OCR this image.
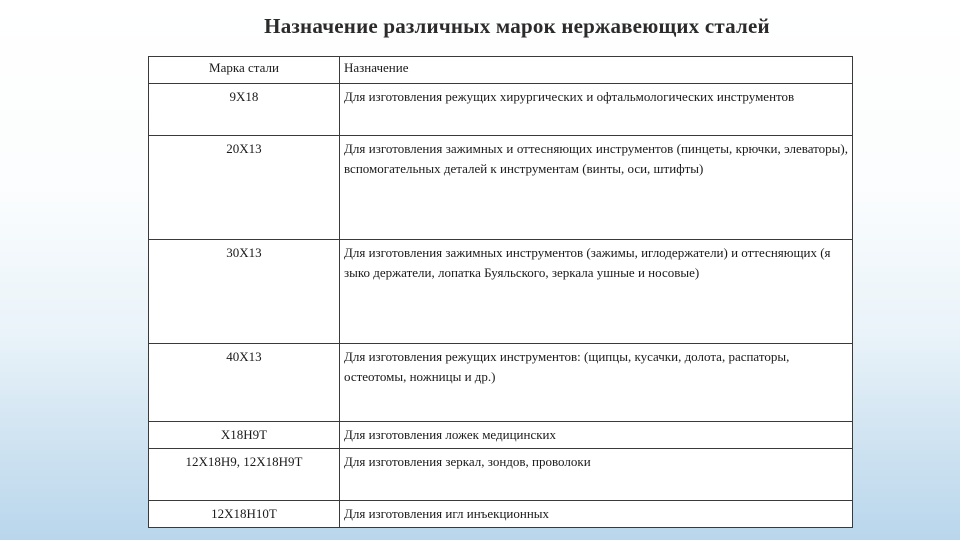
Назначение различных марок нержавеющих сталей
Марка стали	Назначение
9Х18	Для изготовления режущих хирургических и офтальмологических инструментов
20Х13	Для изготовления зажимных и оттесняющих инструментов (пинцеты, крючки, элеваторы), вспомогательных деталей к инструментам (винты, оси, штифты)
30Х13	Для изготовления зажимных инструментов (зажимы, иглодержатели) и оттесняющих (я зыко держатели, лопатка Буяльского, зеркала ушные и носовые)
40Х13	Для изготовления режущих инструментов: (щипцы, кусачки, долота, распаторы, остеотомы, ножницы и др.)
Х18Н9Т	Для изготовления ложек медицинских
12Х18Н9, 12Х18Н9Т	Для изготовления зеркал, зондов, проволоки
12Х18Н10Т	Для изготовления игл инъекционных
